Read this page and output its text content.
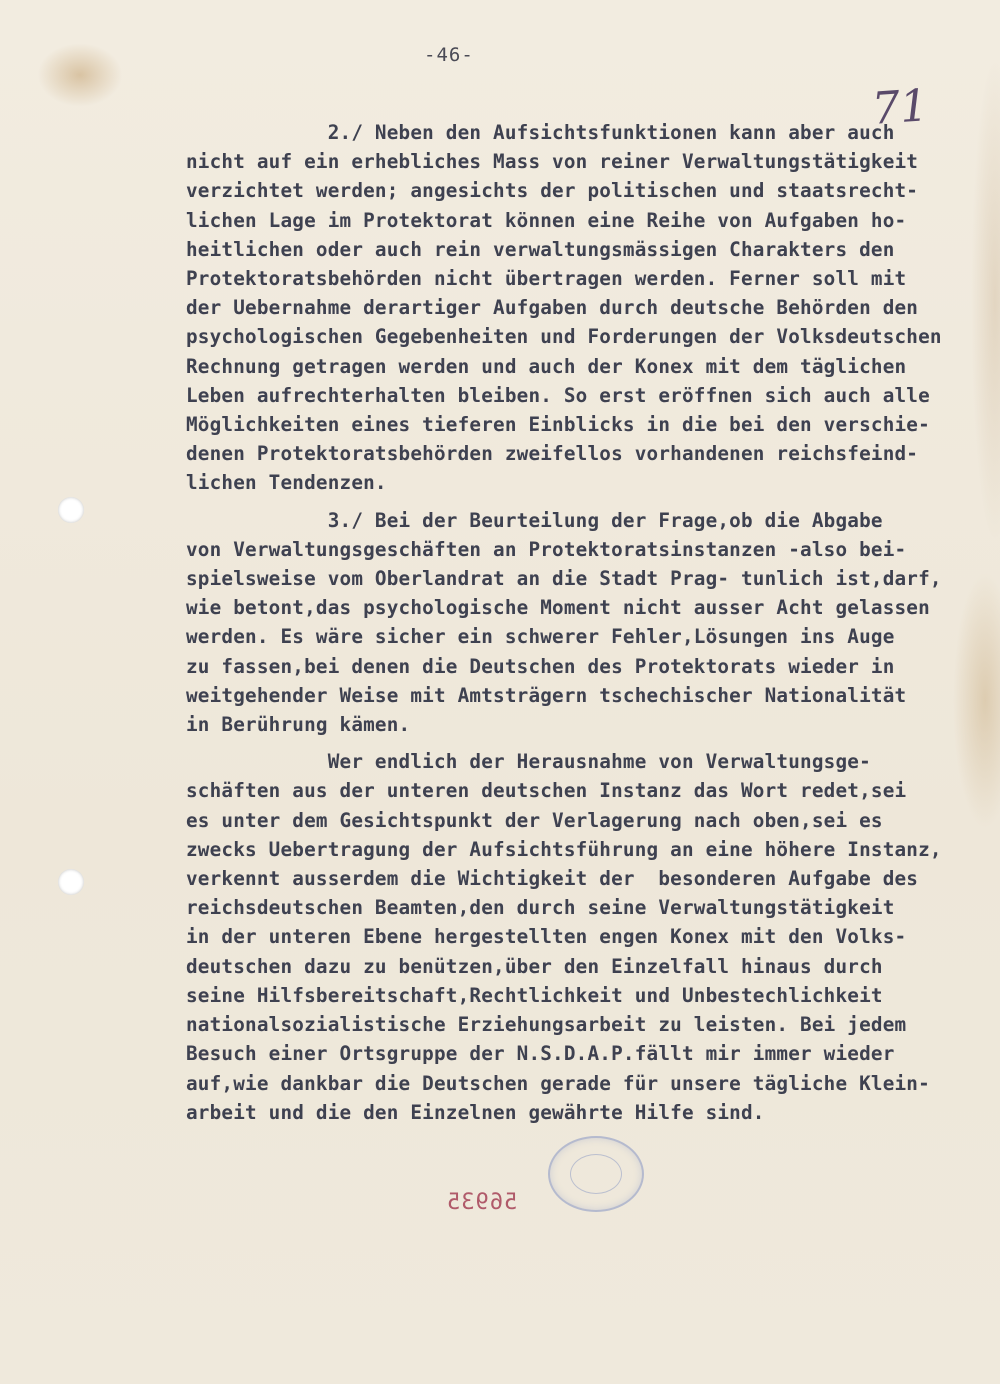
-46-
71
2./ Neben den Aufsichtsfunktionen kann aber auch
nicht auf ein erhebliches Mass von reiner Verwaltungstätigkeit
verzichtet werden; angesichts der politischen und staatsrecht-
lichen Lage im Protektorat können eine Reihe von Aufgaben ho-
heitlichen oder auch rein verwaltungsmässigen Charakters den
Protektoratsbehörden nicht übertragen werden. Ferner soll mit
der Uebernahme derartiger Aufgaben durch deutsche Behörden den
psychologischen Gegebenheiten und Forderungen der Volksdeutschen
Rechnung getragen werden und auch der Konex mit dem täglichen
Leben aufrechterhalten bleiben. So erst eröffnen sich auch alle
Möglichkeiten eines tieferen Einblicks in die bei den verschie-
denen Protektoratsbehörden zweifellos vorhandenen reichsfeind-
lichen Tendenzen.
3./ Bei der Beurteilung der Frage,ob die Abgabe
von Verwaltungsgeschäften an Protektoratsinstanzen -also bei-
spielsweise vom Oberlandrat an die Stadt Prag- tunlich ist,darf,
wie betont,das psychologische Moment nicht ausser Acht gelassen
werden. Es wäre sicher ein schwerer Fehler,Lösungen ins Auge
zu fassen,bei denen die Deutschen des Protektorats wieder in
weitgehender Weise mit Amtsträgern tschechischer Nationalität
in Berührung kämen.
Wer endlich der Herausnahme von Verwaltungsge-
schäften aus der unteren deutschen Instanz das Wort redet,sei
es unter dem Gesichtspunkt der Verlagerung nach oben,sei es
zwecks Uebertragung der Aufsichtsführung an eine höhere Instanz,
verkennt ausserdem die Wichtigkeit der  besonderen Aufgabe des
reichsdeutschen Beamten,den durch seine Verwaltungstätigkeit
in der unteren Ebene hergestellten engen Konex mit den Volks-
deutschen dazu zu benützen,über den Einzelfall hinaus durch
seine Hilfsbereitschaft,Rechtlichkeit und Unbestechlichkeit
nationalsozialistische Erziehungsarbeit zu leisten. Bei jedem
Besuch einer Ortsgruppe der N.S.D.A.P.fällt mir immer wieder
auf,wie dankbar die Deutschen gerade für unsere tägliche Klein-
arbeit und die den Einzelnen gewährte Hilfe sind.
56935
